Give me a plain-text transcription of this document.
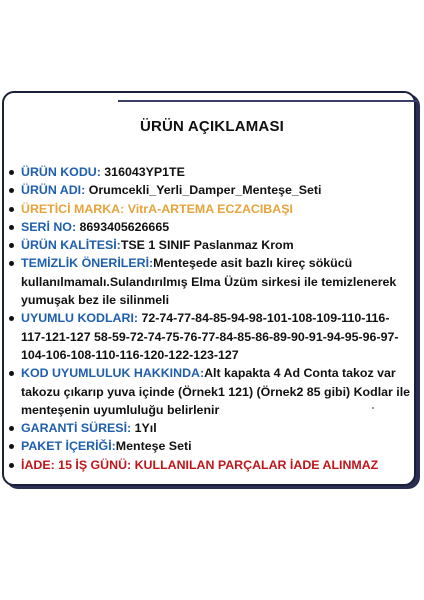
ÜRÜN AÇIKLAMASI
ÜRÜN KODU: 316043YP1TE
ÜRÜN ADI: Orumcekli_Yerli_Damper_Menteşe_Seti
ÜRETİCİ MARKA: VitrA-ARTEMA ECZACIBAŞI
SERİ NO: 8693405626665
ÜRÜN KALİTESİ:TSE 1 SINIF Paslanmaz Krom
TEMİZLİK ÖNERİLERİ:Menteşede asit bazlı kireç sökücü kullanılmamalı.Sulandırılmış Elma Üzüm sirkesi ile temizlenerek yumuşak bez ile silinmeli
UYUMLU KODLARI: 72-74-77-84-85-94-98-101-108-109-110-116-117-121-127 58-59-72-74-75-76-77-84-85-86-89-90-91-94-95-96-97-104-106-108-110-116-120-122-123-127
KOD UYUMLULUK HAKKINDA:Alt kapakta 4 Ad Conta takoz var takozu çıkarıp yuva içinde (Örnek1 121) (Örnek2 85 gibi) Kodlar ile menteşenin uyumluluğu belirlenir
GARANTİ SÜRESİ: 1Yıl
PAKET İÇERİĞİ:Menteşe Seti
İADE: 15 İŞ GÜNÜ: KULLANILAN PARÇALAR İADE ALINMAZ
